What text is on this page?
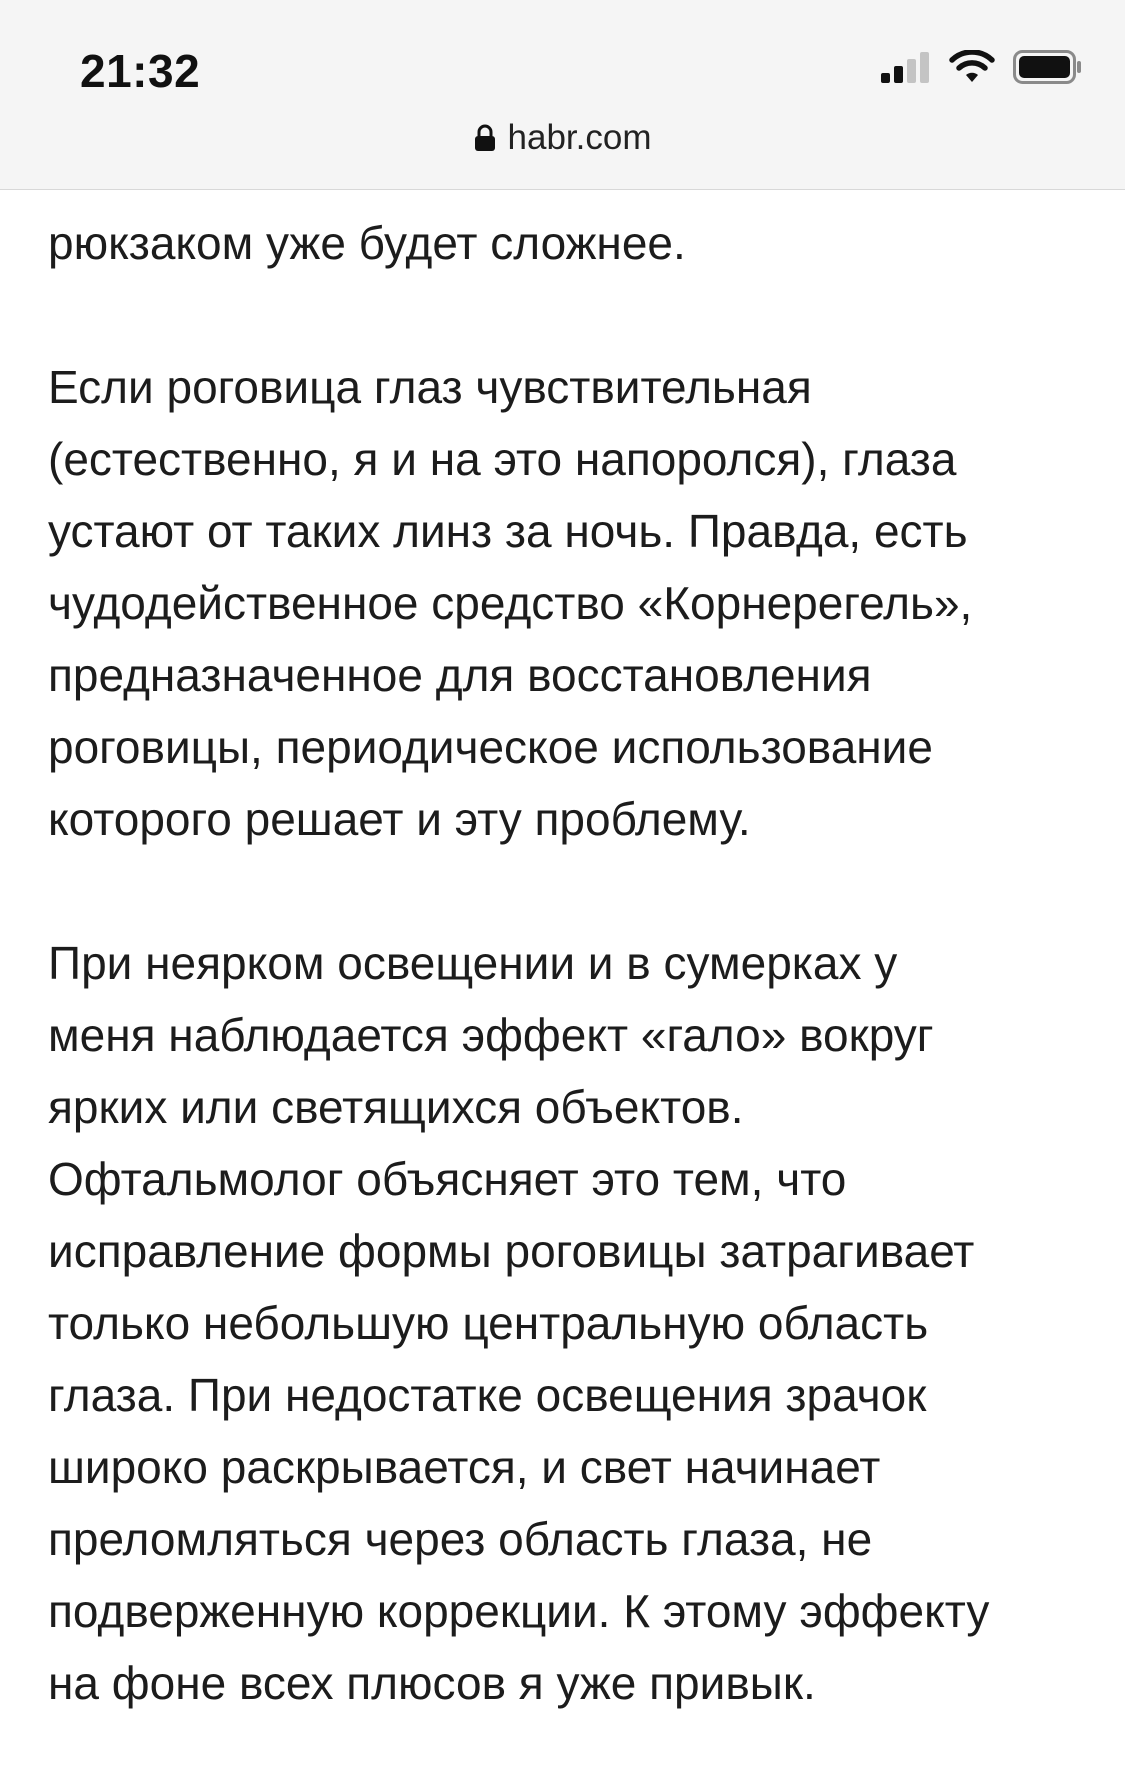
21:32
habr.com
рюкзаком уже будет сложнее.
Если роговица глаз чувствительная
(естественно, я и на это напоролся), глаза
устают от таких линз за ночь. Правда, есть
чудодейственное средство «Корнерегель»,
предназначенное для восстановления
роговицы, периодическое использование
которого решает и эту проблему.
При неярком освещении и в сумерках у
меня наблюдается эффект «гало» вокруг
ярких или светящихся объектов.
Офтальмолог объясняет это тем, что
исправление формы роговицы затрагивает
только небольшую центральную область
глаза. При недостатке освещения зрачок
широко раскрывается, и свет начинает
преломляться через область глаза, не
подверженную коррекции. К этому эффекту
на фоне всех плюсов я уже привык.
